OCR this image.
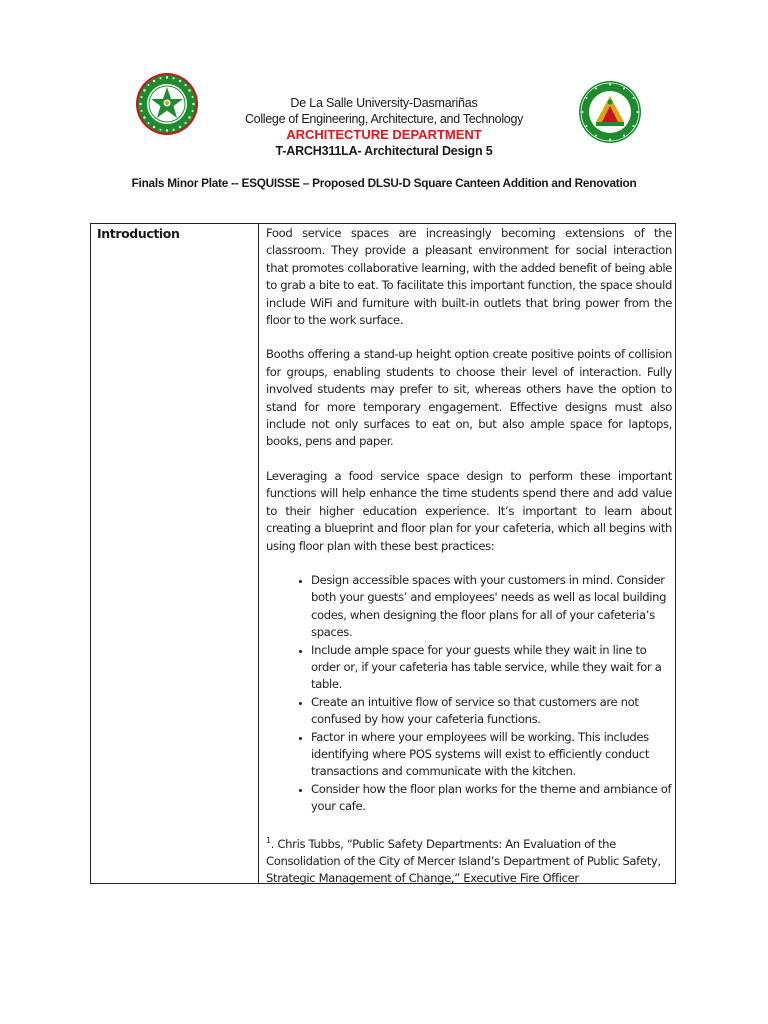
De La Salle University-Dasmariñas
College of Engineering, Architecture, and Technology
ARCHITECTURE DEPARTMENT
T-ARCH311LA- Architectural Design 5
Finals Minor Plate -- ESQUISSE – Proposed DLSU-D Square Canteen Addition and Renovation
Introduction	Food service spaces are increasingly becoming extensions of the classroom. They provide a pleasant environment for social interaction that promotes collaborative learning, with the added benefit of being able to grab a bite to eat. To facilitate this important function, the space should include WiFi and furniture with built-in outlets that bring power from the floor to the work surface.

Booths offering a stand-up height option create positive points of collision for groups, enabling students to choose their level of interaction. Fully involved students may prefer to sit, whereas others have the option to stand for more temporary engagement. Effective designs must also include not only surfaces to eat on, but also ample space for laptops, books, pens and paper.

Leveraging a food service space design to perform these important functions will help enhance the time students spend there and add value to their higher education experience. It’s important to learn about creating a blueprint and floor plan for your cafeteria, which all begins with using floor plan with these best practices:

• Design accessible spaces with your customers in mind. Consider both your guests’ and employees' needs as well as local building codes, when designing the floor plans for all of your cafeteria’s spaces.
• Include ample space for your guests while they wait in line to order or, if your cafeteria has table service, while they wait for a table.
• Create an intuitive flow of service so that customers are not confused by how your cafeteria functions.
• Factor in where your employees will be working. This includes identifying where POS systems will exist to efficiently conduct transactions and communicate with the kitchen.
• Consider how the floor plan works for the theme and ambiance of your cafe.

$^1$. Chris Tubbs, “Public Safety Departments: An Evaluation of the Consolidation of the City of Mercer Island’s Department of Public Safety, Strategic Management of Change,” Executive Fire Officer
